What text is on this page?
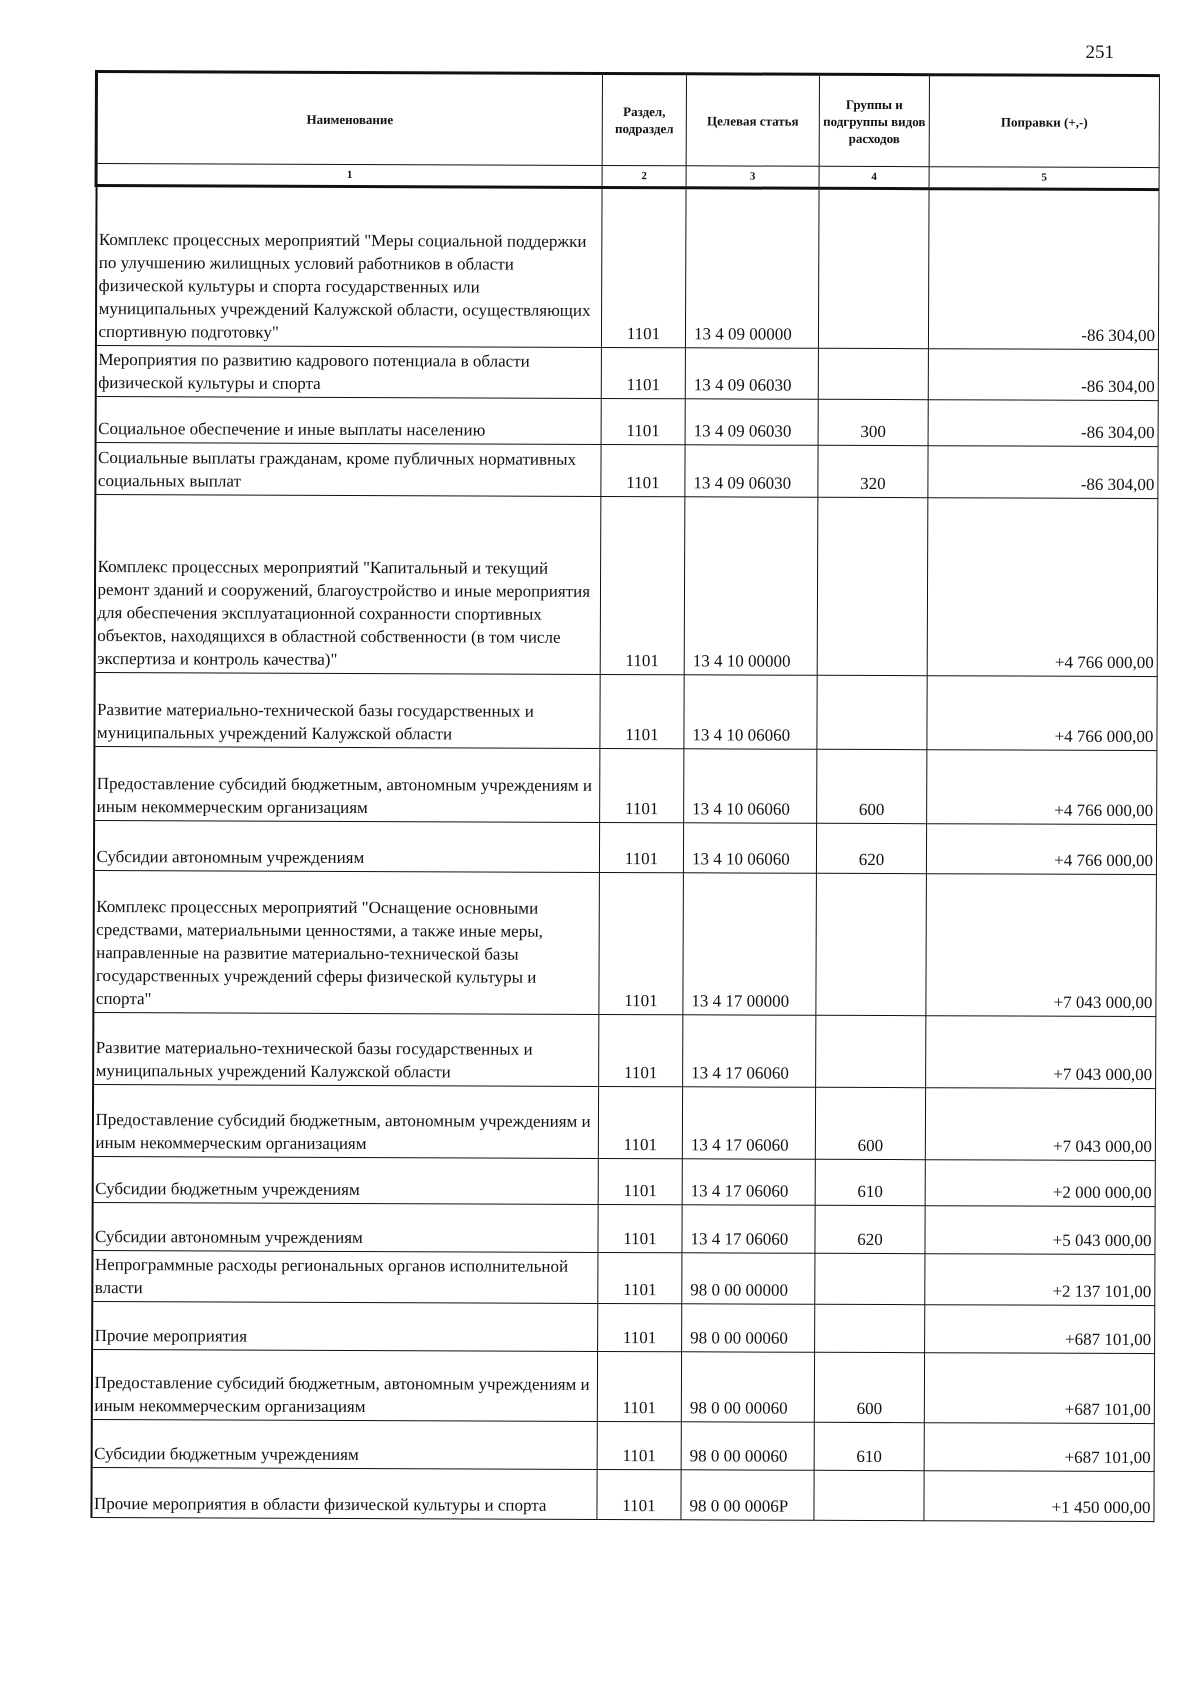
251
Наименование	Раздел, подраздел	Целевая статья	Группы и подгруппы видов расходов	Поправки (+,-)
1	2	3	4	5

Комплекс процессных мероприятий "Меры социальной поддержки по улучшению жилищных условий работников в области физической культуры и спорта государственных или муниципальных учреждений Калужской области, осуществляющих спортивную подготовку"	1101	13 4 09 00000		-86 304,00
Мероприятия по развитию кадрового потенциала в области физической культуры и спорта	1101	13 4 09 06030		-86 304,00
Социальное обеспечение и иные выплаты населению	1101	13 4 09 06030	300	-86 304,00
Социальные выплаты гражданам, кроме публичных нормативных социальных выплат	1101	13 4 09 06030	320	-86 304,00

Комплекс процессных мероприятий "Капитальный и текущий ремонт зданий и сооружений, благоустройство и иные мероприятия для обеспечения эксплуатационной сохранности спортивных объектов, находящихся в областной собственности (в том числе экспертиза и контроль качества)"	1101	13 4 10 00000		+4 766 000,00
Развитие материально-технической базы государственных и муниципальных учреждений Калужской области	1101	13 4 10 06060		+4 766 000,00
Предоставление субсидий бюджетным, автономным учреждениям и иным некоммерческим организациям	1101	13 4 10 06060	600	+4 766 000,00
Субсидии автономным учреждениям	1101	13 4 10 06060	620	+4 766 000,00

Комплекс процессных мероприятий "Оснащение основными средствами, материальными ценностями, а также иные меры, направленные на развитие материально-технической базы государственных учреждений сферы физической культуры и спорта"	1101	13 4 17 00000		+7 043 000,00
Развитие материально-технической базы государственных и муниципальных учреждений Калужской области	1101	13 4 17 06060		+7 043 000,00
Предоставление субсидий бюджетным, автономным учреждениям и иным некоммерческим организациям	1101	13 4 17 06060	600	+7 043 000,00
Субсидии бюджетным учреждениям	1101	13 4 17 06060	610	+2 000 000,00
Субсидии автономным учреждениям	1101	13 4 17 06060	620	+5 043 000,00
Непрограммные расходы региональных органов исполнительной власти	1101	98 0 00 00000		+2 137 101,00
Прочие мероприятия	1101	98 0 00 00060		+687 101,00
Предоставление субсидий бюджетным, автономным учреждениям и иным некоммерческим организациям	1101	98 0 00 00060	600	+687 101,00
Субсидии бюджетным учреждениям	1101	98 0 00 00060	610	+687 101,00
Прочие мероприятия в области физической культуры и спорта	1101	98 0 00 0006Р		+1 450 000,00
